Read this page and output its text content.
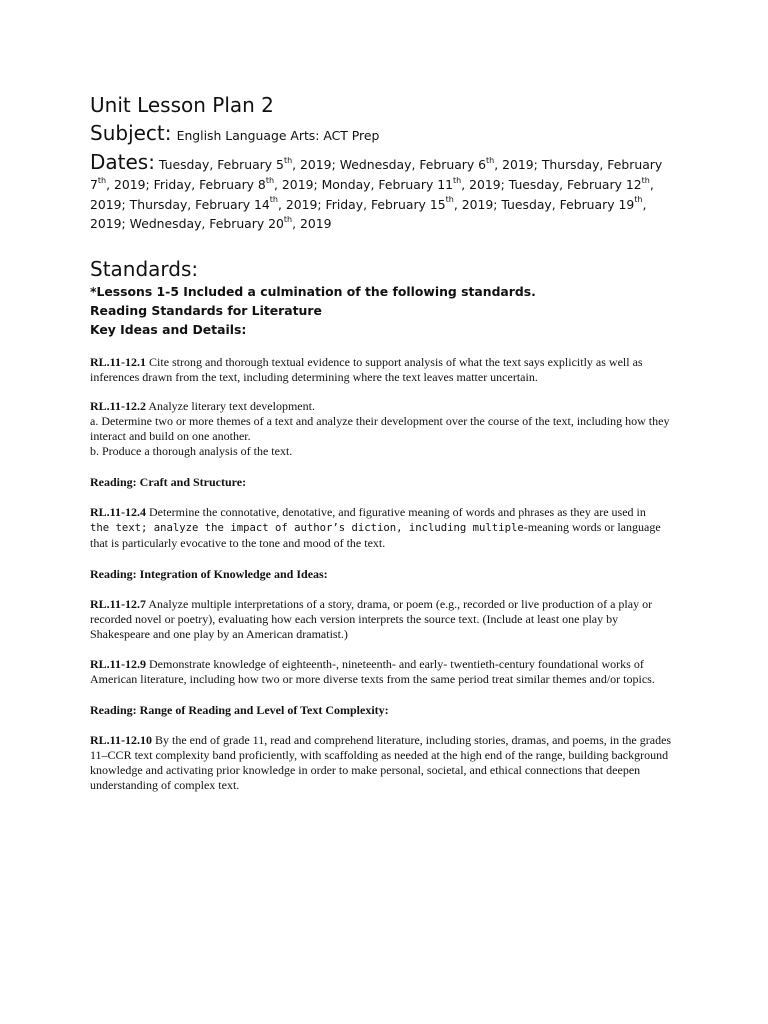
Unit Lesson Plan 2

Subject: English Language Arts: ACT Prep

Dates: Tuesday, February 5th, 2019; Wednesday, February 6th, 2019; Thursday, February 7th, 2019; Friday, February 8th, 2019; Monday, February 11th, 2019; Tuesday, February 12th, 2019; Thursday, February 14th, 2019; Friday, February 15th, 2019; Tuesday, February 19th, 2019; Wednesday, February 20th, 2019

Standards:

*Lessons 1-5 Included a culmination of the following standards.

Reading Standards for Literature

Key Ideas and Details:

RL.11-12.1 Cite strong and thorough textual evidence to support analysis of what the text says explicitly as well as inferences drawn from the text, including determining where the text leaves matter uncertain.

RL.11-12.2 Analyze literary text development.
a. Determine two or more themes of a text and analyze their development over the course of the text, including how they interact and build on one another.
b. Produce a thorough analysis of the text.

Reading: Craft and Structure:

RL.11-12.4 Determine the connotative, denotative, and figurative meaning of words and phrases as they are used in
the text; analyze the impact of author’s diction, including multiple-meaning words or language that is particularly evocative to the tone and mood of the text.

Reading: Integration of Knowledge and Ideas:

RL.11-12.7 Analyze multiple interpretations of a story, drama, or poem (e.g., recorded or live production of a play or recorded novel or poetry), evaluating how each version interprets the source text. (Include at least one play by Shakespeare and one play by an American dramatist.)

RL.11-12.9 Demonstrate knowledge of eighteenth-, nineteenth- and early- twentieth-century foundational works of American literature, including how two or more diverse texts from the same period treat similar themes and/or topics.

Reading: Range of Reading and Level of Text Complexity:

RL.11-12.10 By the end of grade 11, read and comprehend literature, including stories, dramas, and poems, in the grades 11–CCR text complexity band proficiently, with scaffolding as needed at the high end of the range, building background knowledge and activating prior knowledge in order to make personal, societal, and ethical connections that deepen understanding of complex text.
